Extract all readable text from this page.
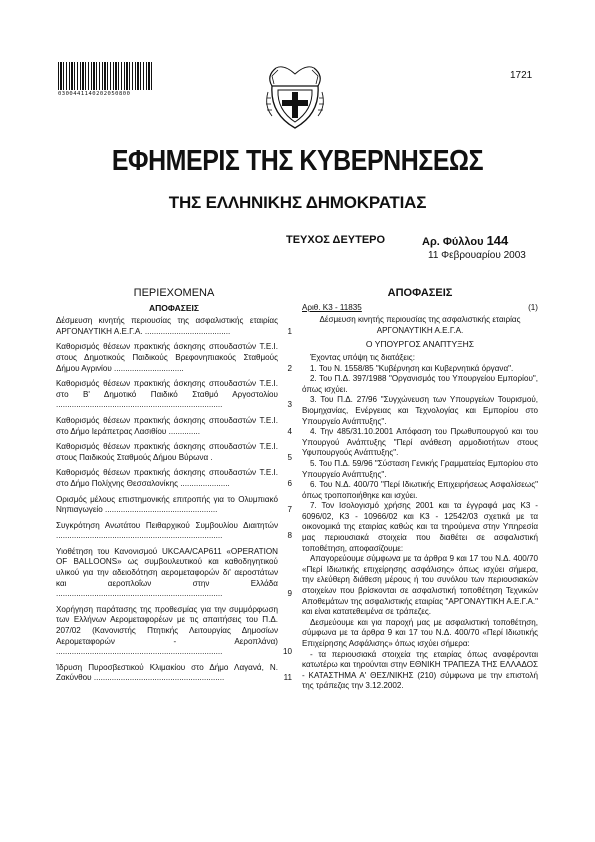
0300441140202050800
1721
ΕΦΗΜΕΡΙΣ ΤΗΣ ΚΥΒΕΡΝΗΣΕΩΣ
ΤΗΣ ΕΛΛΗΝΙΚΗΣ ΔΗΜΟΚΡΑΤΙΑΣ
ΤΕΥΧΟΣ ΔΕΥΤΕΡΟ	Αρ. Φύλλου 144
11 Φεβρουαρίου 2003
ΠΕΡΙΕΧΟΜΕΝΑ
ΑΠΟΦΑΣΕΙΣ
Δέσμευση κινητής περιουσίας της ασφαλιστικής εταιρίας ΑΡΓΟΝΑΥΤΙΚΗ Α.Ε.Γ.Α. ......................................	1
Καθορισμός θέσεων πρακτικής άσκησης σπουδαστών Τ.Ε.Ι. στους Δημοτικούς Παιδικούς Βρεφονηπιακούς Σταθμούς Δήμου Αγρινίου ...............................	2
Καθορισμός θέσεων πρακτικής άσκησης σπουδαστών Τ.Ε.Ι. στο Β' Δημοτικό Παιδικό Σταθμό Αργοστολίου ..........................................................................	3
Καθορισμός θέσεων πρακτικής άσκησης σπουδαστών Τ.Ε.Ι. στο Δήμο Ιεράπετρας Λασιθίου ..............	4
Καθορισμός θέσεων πρακτικής άσκησης σπουδαστών Τ.Ε.Ι. στους Παιδικούς Σταθμούς Δήμου Βύρωνα .	5
Καθορισμός θέσεων πρακτικής άσκησης σπουδαστών Τ.Ε.Ι. στο Δήμο Πολίχνης Θεσσαλονίκης ......................	6
Ορισμός μέλους επιστημονικής επιτροπής για το Ολυμπιακό Νηπιαγωγείο ..................................................	7
Συγκρότηση Ανωτάτου Πειθαρχικού Συμβουλίου Διαιτητών ..........................................................................	8
Υιοθέτηση του Κανονισμού UKCAA/CAP611 «OPERATION OF BALLOONS» ως συμβουλευτικού και καθοδηγητικού υλικού για την αδειοδότηση αερομεταφορών δι' αεροστάτων και αεροπλοΐων στην Ελλάδα ..........................................................................	9
Χορήγηση παράτασης της προθεσμίας για την συμμόρφωση των Ελλήνων Αερομεταφορέων με τις απαιτήσεις του Π.Δ. 207/02 (Κανονιστής Πτητικής Λειτουργίας Δημοσίων Αερομεταφορών - Αεροπλάνα) ..........................................................................	10
Ίδρυση Πυροσβεστικού Κλιμακίου στο Δήμο Λαγανά, Ν. Ζακύνθου ..........................................................	11
ΑΠΟΦΑΣΕΙΣ
Αριθ. Κ3 - 11835	(1)
Δέσμευση κινητής περιουσίας της ασφαλιστικής εταιρίας ΑΡΓΟΝΑΥΤΙΚΗ Α.Ε.Γ.Α.
Ο ΥΠΟΥΡΓΟΣ ΑΝΑΠΤΥΞΗΣ
Έχοντας υπόψη τις διατάξεις:
1. Του Ν. 1558/85 "Κυβέρνηση και Κυβερνητικά όργανα".
2. Του Π.Δ. 397/1988 "Οργανισμός του Υπουργείου Εμπορίου", όπως ισχύει.
3. Του Π.Δ. 27/96 "Συγχώνευση των Υπουργείων Τουρισμού, Βιομηχανίας, Ενέργειας και Τεχνολογίας και Εμπορίου στο Υπουργείο Ανάπτυξης".
4. Την 485/31.10.2001 Απόφαση του Πρωθυπουργού και του Υπουργού Ανάπτυξης "Περί ανάθεση αρμοδιοτήτων στους Υφυπουργούς Ανάπτυξης".
5. Του Π.Δ. 59/96 "Σύσταση Γενικής Γραμματείας Εμπορίου στο Υπουργείο Ανάπτυξης".
6. Του Ν.Δ. 400/70 "Περί Ιδιωτικής Επιχειρήσεως Ασφαλίσεως" όπως τροποποιήθηκε και ισχύει.
7. Τον Ισολογισμό χρήσης 2001 και τα έγγραφά μας Κ3 - 6096/02, Κ3 - 10966/02 και Κ3 - 12542/03 σχετικά με τα οικονομικά της εταιρίας καθώς και τα τηρούμενα στην Υπηρεσία μας περιουσιακά στοιχεία που διαθέτει σε ασφαλιστική τοποθέτηση, αποφασίζουμε:
Απαγορεύουμε σύμφωνα με τα άρθρα 9 και 17 του Ν.Δ. 400/70 «Περί Ιδιωτικής επιχείρησης ασφάλισης» όπως ισχύει σήμερα, την ελεύθερη διάθεση μέρους ή του συνόλου των περιουσιακών στοιχείων που βρίσκονται σε ασφαλιστική τοποθέτηση Τεχνικών Αποθεμάτων της ασφαλιστικής εταιρίας "ΑΡΓΟΝΑΥΤΙΚΗ Α.Ε.Γ.Α." και είναι κατατεθειμένα σε τράπεζες.
Δεσμεύουμε και για παροχή μας με ασφαλιστική τοποθέτηση, σύμφωνα με τα άρθρα 9 και 17 του Ν.Δ. 400/70 «Περί Ιδιωτικής Επιχείρησης Ασφάλισης» όπως ισχύει σήμερα:
- τα περιουσιακά στοιχεία της εταιρίας όπως αναφέρονται κατωτέρω και τηρούνται στην ΕΘΝΙΚΗ ΤΡΑΠΕΖΑ ΤΗΣ ΕΛΛΑΔΟΣ - ΚΑΤΑΣΤΗΜΑ Α' ΘΕΣ/ΝΙΚΗΣ (210) σύμφωνα με την επιστολή της τράπεζας την 3.12.2002.
